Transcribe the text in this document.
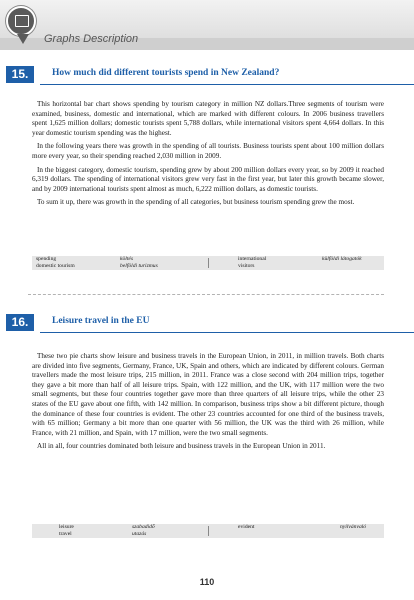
Graphs Description
15.	How much did different tourists spend in New Zealand?

This horizontal bar chart shows spending by tourism category in million NZ dollars.Three segments of tourism were examined, business, domestic and international, which are marked with different colours. In 2006 business travellers spent 1,625 million dollars; domestic tourists spent 5,788 dollars, while international visitors spent 4,664 dollars. In this year domestic tourism spending was the highest.

In the following years there was growth in the spending of all tourists. Business tourists spent about 100 million dollars more every year, so their spending reached 2,030 million in 2009.

In the biggest category, domestic tourism, spending grew by about 200 million dollars every year, so by 2009 it reached 6,319 dollars. The spending of international visitors grew very fast in the first year, but later this growth became slower, and by 2009 international tourists spent almost as much, 6,222 million dollars, as domestic tourists.

To sum it up, there was growth in the spending of all categories, but business tourism spending grew the most.

spending	költés	international	külföldi látogatók
domestic tourism	belföldi turizmus	visitors
16.	Leisure travel in the EU

These two pie charts show leisure and business travels in the European Union, in 2011, in million travels. Both charts are divided into five segments, Germany, France, UK, Spain and others, which are indicated by different colours. German travellers made the most leisure trips, 215 million, in 2011. France was a close second with 204 million trips, together they gave a bit more than half of all leisure trips. Spain, with 122 million, and the UK, with 117 million were the two small segments, but these four countries together gave more than three quarters of all leisure trips, while the other 23 states of the EU gave about one fifth, with 142 million. In comparison, business trips show a bit different picture, though the dominance of these four countries is evident. The other 23 countries accounted for one third of the business travels, with 65 million; Germany a bit more than one quarter with 56 million, the UK was the third with 26 million, while France, with 21 million, and Spain, with 17 million, were the two small segments.

All in all, four countries dominated both leisure and business travels in the European Union in 2011.

leisure	szabadidő	evident	nyilvánvaló
travel	utazás
110
